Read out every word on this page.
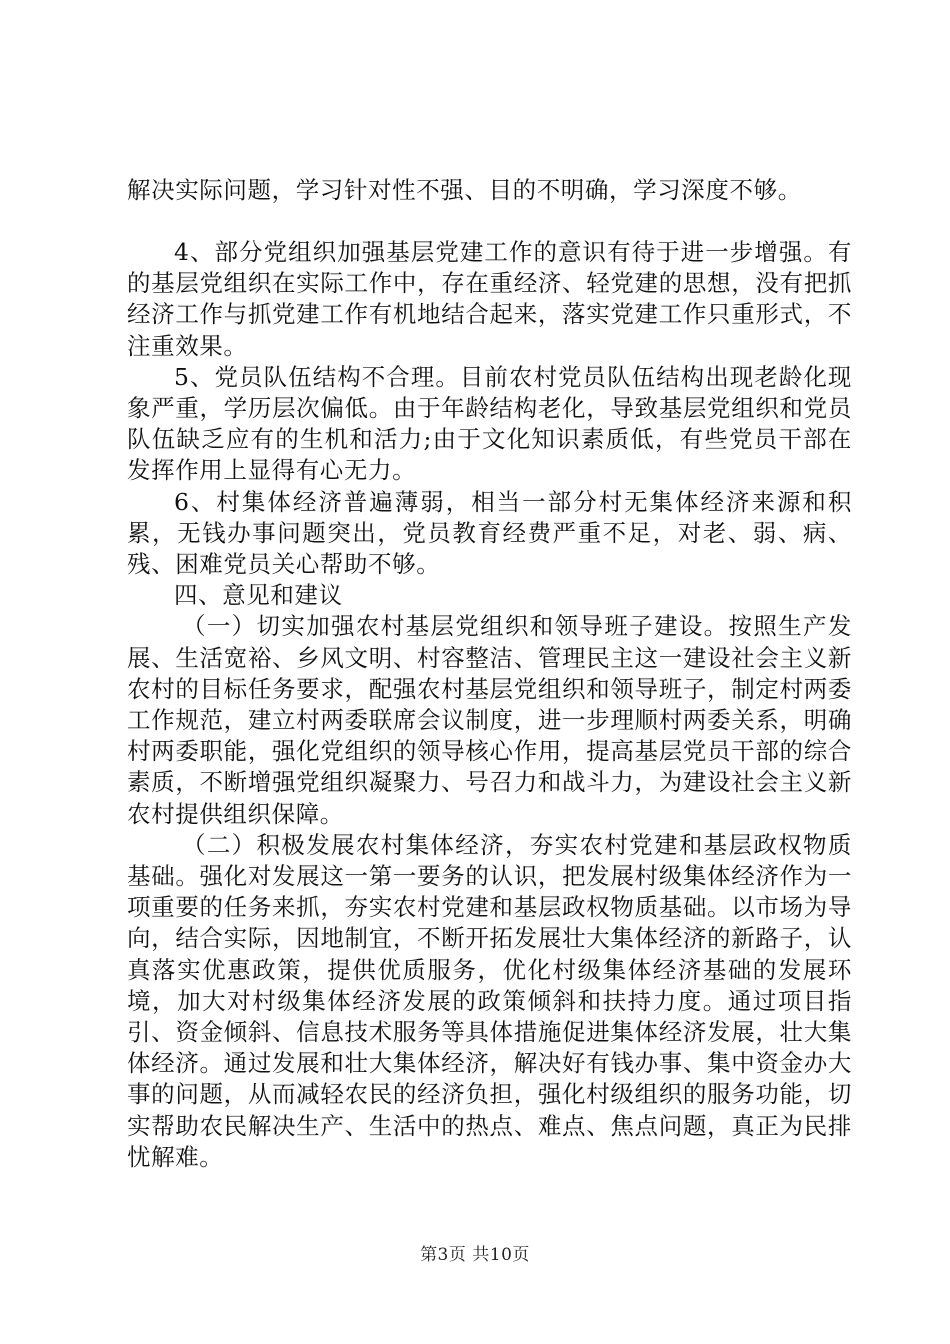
解决实际问题，学习针对性不强、目的不明确，学习深度不够。

4、部分党组织加强基层党建工作的意识有待于进一步增强。有的基层党组织在实际工作中，存在重经济、轻党建的思想，没有把抓经济工作与抓党建工作有机地结合起来，落实党建工作只重形式，不注重效果。

5、党员队伍结构不合理。目前农村党员队伍结构出现老龄化现象严重，学历层次偏低。由于年龄结构老化，导致基层党组织和党员队伍缺乏应有的生机和活力;由于文化知识素质低，有些党员干部在发挥作用上显得有心无力。

6、村集体经济普遍薄弱，相当一部分村无集体经济来源和积累，无钱办事问题突出，党员教育经费严重不足，对老、弱、病、残、困难党员关心帮助不够。

四、意见和建议

（一）切实加强农村基层党组织和领导班子建设。按照生产发展、生活宽裕、乡风文明、村容整洁、管理民主这一建设社会主义新农村的目标任务要求，配强农村基层党组织和领导班子，制定村两委工作规范，建立村两委联席会议制度，进一步理顺村两委关系，明确村两委职能，强化党组织的领导核心作用，提高基层党员干部的综合素质，不断增强党组织凝聚力、号召力和战斗力，为建设社会主义新农村提供组织保障。

（二）积极发展农村集体经济，夯实农村党建和基层政权物质基础。强化对发展这一第一要务的认识，把发展村级集体经济作为一项重要的任务来抓，夯实农村党建和基层政权物质基础。以市场为导向，结合实际，因地制宜，不断开拓发展壮大集体经济的新路子，认真落实优惠政策，提供优质服务，优化村级集体经济基础的发展环境，加大对村级集体经济发展的政策倾斜和扶持力度。通过项目指引、资金倾斜、信息技术服务等具体措施促进集体经济发展，壮大集体经济。通过发展和壮大集体经济，解决好有钱办事、集中资金办大事的问题，从而减轻农民的经济负担，强化村级组织的服务功能，切实帮助农民解决生产、生活中的热点、难点、焦点问题，真正为民排忧解难。

第3页 共10页
